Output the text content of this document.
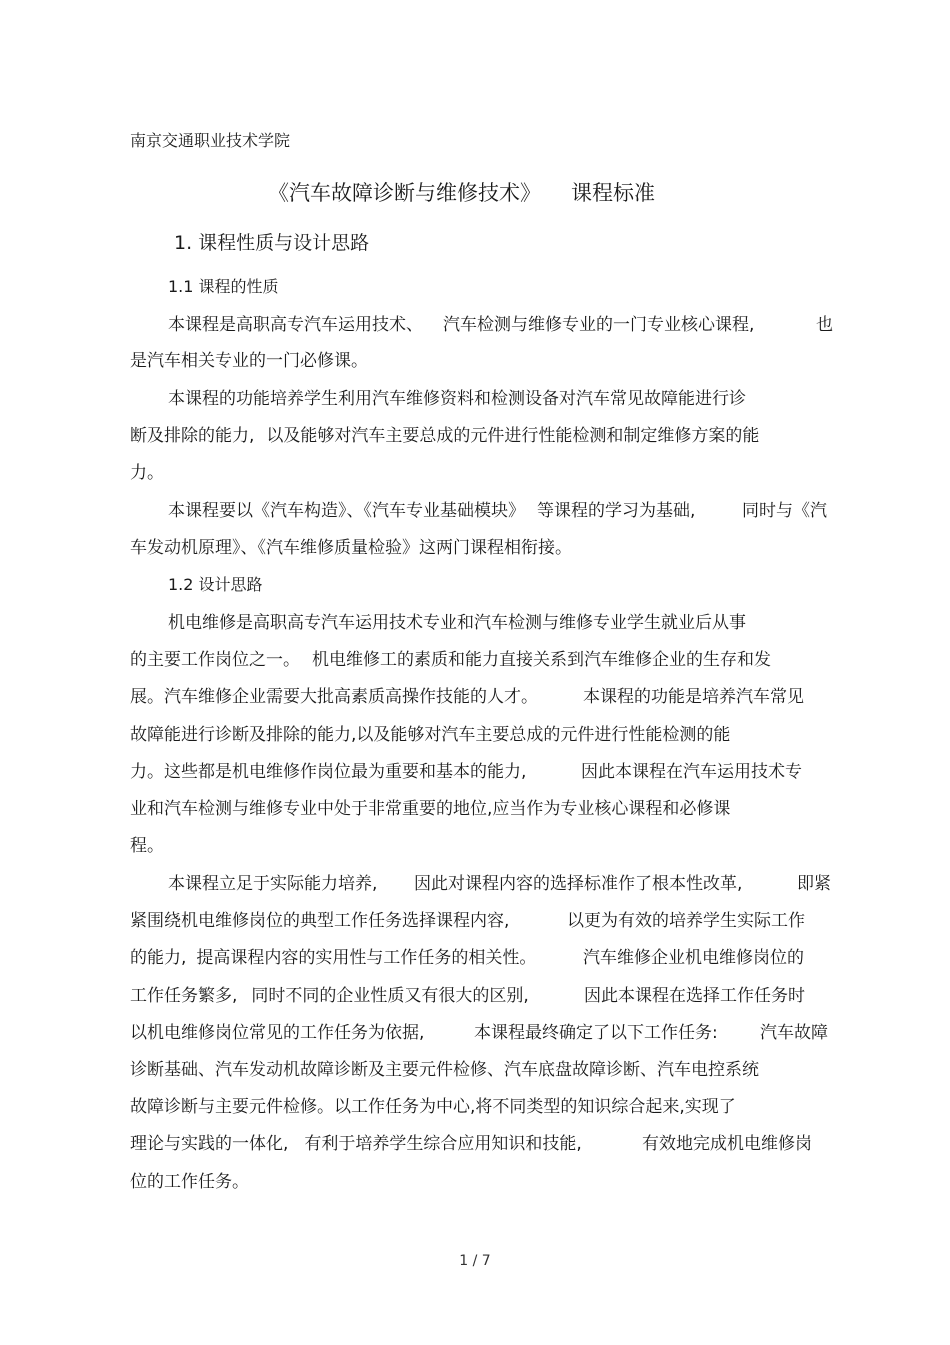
南京交通职业技术学院
《汽车故障诊断与维修技术》 课程标准
1. 课程性质与设计思路
1.1 课程的性质
本课程是高职高专汽车运用技术、 汽车检测与维修专业的一门专业核心课程,	也
是汽车相关专业的一门必修课。
本课程的功能培养学生利用汽车维修资料和检测设备对汽车常见故障能进行诊
断及排除的能力, 以及能够对汽车主要总成的元件进行性能检测和制定维修方案的能
力。
本课程要以《汽车构造》、《汽车专业基础模块》 等课程的学习为基础,	同时与《汽
车发动机原理》、《汽车维修质量检验》这两门课程相衔接。
1.2 设计思路
机电维修是高职高专汽车运用技术专业和汽车检测与维修专业学生就业后从事
的主要工作岗位之一。 机电维修工的素质和能力直接关系到汽车维修企业的生存和发
展。汽车维修企业需要大批高素质高操作技能的人才。	本课程的功能是培养汽车常见
故障能进行诊断及排除的能力,以及能够对汽车主要总成的元件进行性能检测的能
力。这些都是机电维修作岗位最为重要和基本的能力,	因此本课程在汽车运用技术专
业和汽车检测与维修专业中处于非常重要的地位,应当作为专业核心课程和必修课
程。
本课程立足于实际能力培养, 因此对课程内容的选择标准作了根本性改革,	即紧
紧围绕机电维修岗位的典型工作任务选择课程内容,	以更为有效的培养学生实际工作
的能力, 提高课程内容的实用性与工作任务的相关性。	汽车维修企业机电维修岗位的
工作任务繁多, 同时不同的企业性质又有很大的区别,	因此本课程在选择工作任务时
以机电维修岗位常见的工作任务为依据,	本课程最终确定了以下工作任务: 汽车故障
诊断基础、汽车发动机故障诊断及主要元件检修、汽车底盘故障诊断、汽车电控系统
故障诊断与主要元件检修。以工作任务为中心,将不同类型的知识综合起来,实现了
理论与实践的一体化, 有利于培养学生综合应用知识和技能,	有效地完成机电维修岗
位的工作任务。
1 / 7
